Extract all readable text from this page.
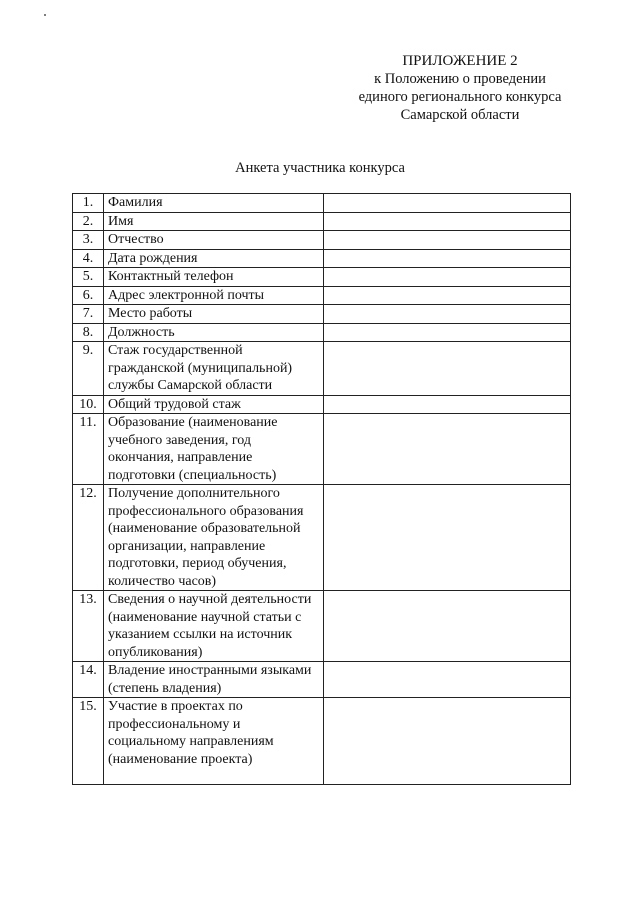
ПРИЛОЖЕНИЕ 2
к Положению о проведении
единого регионального конкурса
Самарской области
Анкета участника конкурса
1.	Фамилия	
2.	Имя	
3.	Отчество	
4.	Дата рождения	
5.	Контактный телефон	
6.	Адрес электронной почты	
7.	Место работы	
8.	Должность	
9.	Стаж государственной гражданской (муниципальной) службы Самарской области	
10.	Общий трудовой стаж	
11.	Образование (наименование учебного заведения, год окончания, направление подготовки (специальность)	
12.	Получение дополнительного профессионального образования (наименование образовательной организации, направление подготовки, период обучения, количество часов)	
13.	Сведения о научной деятельности (наименование научной статьи с указанием ссылки на источник опубликования)	
14.	Владение иностранными языками (степень владения)	
15.	Участие в проектах по профессиональному и социальному направлениям (наименование проекта)	
